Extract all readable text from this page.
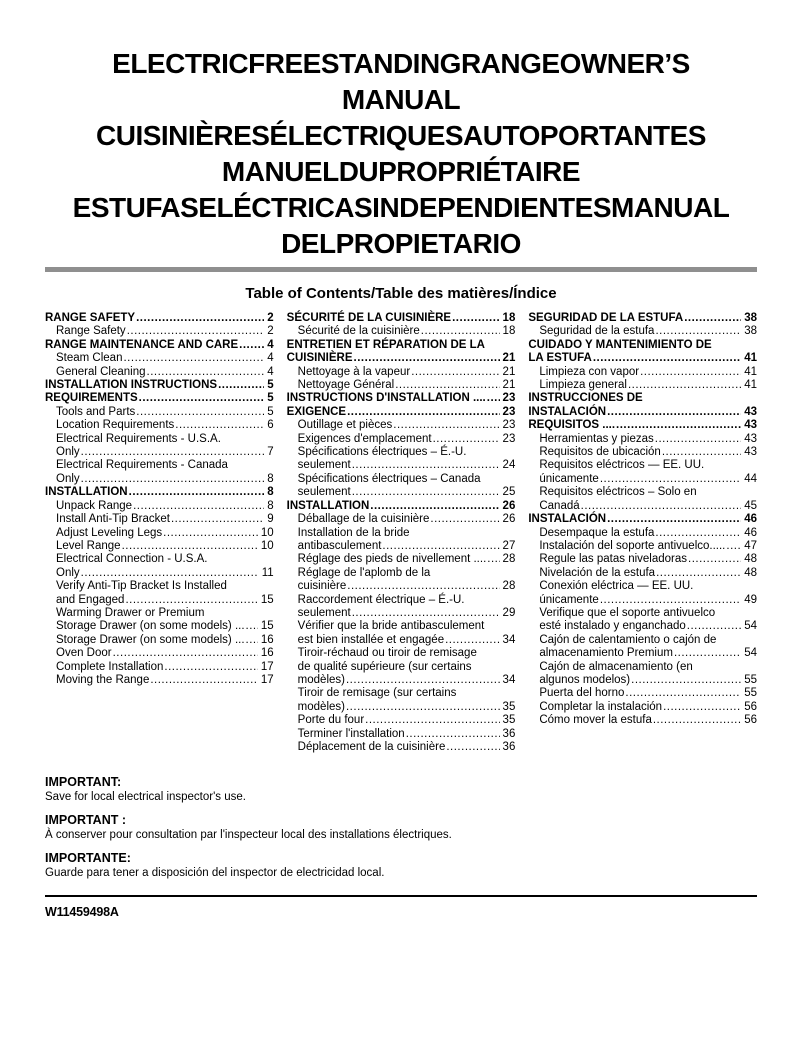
ELECTRICFREESTANDINGRANGEOWNER’S
MANUAL
CUISINIÈRESÉLECTRIQUESAUTOPORTANTES
MANUELDUPROPRIÉTAIRE
ESTUFASELÉCTRICASINDEPENDIENTESMANUAL
DELPROPIETARIO
Table of Contents/Table des matières/Índice
RANGE SAFETY .....	2
Range Safety .....	2
RANGE MAINTENANCE AND CARE .....	4
Steam Clean .....	4
General Cleaning .....	4
INSTALLATION INSTRUCTIONS .....	5
REQUIREMENTS .....	5
Tools and Parts .....	5
Location Requirements .....	6
Electrical Requirements - U.S.A.
Only .....	7
Electrical Requirements - Canada
Only .....	8
INSTALLATION .....	8
Unpack Range .....	8
Install Anti-Tip Bracket .....	9
Adjust Leveling Legs .....	10
Level Range .....	10
Electrical Connection - U.S.A.
Only .....	11
Verify Anti-Tip Bracket Is Installed
and Engaged .....	15
Warming Drawer or Premium
Storage Drawer (on some models) ... ..... 15
Storage Drawer (on some models) ... ..... 16
Oven Door .....	16
Complete Installation .....	17
Moving the Range .....	17
SÉCURITÉ DE LA CUISINIÈRE .....	18
Sécurité de la cuisinière .....	18
ENTRETIEN ET RÉPARATION DE LA
CUISINIÈRE .....	21
Nettoyage à la vapeur .....	21
Nettoyage Général .....	21
INSTRUCTIONS D'INSTALLATION .... ..... 23
EXIGENCE .....	23
Outillage et pièces .....	23
Exigences d'emplacement .....	23
Spécifications électriques – É.-U.
seulement .....	24
Spécifications électriques – Canada
seulement .....	25
INSTALLATION .....	26
Déballage de la cuisinière .....	26
Installation de la bride
antibasculement .....	27
Réglage des pieds de nivellement .... ..... 28
Réglage de l'aplomb de la
cuisinière .....	28
Raccordement électrique – É.-U.
seulement .....	29
Vérifier que la bride antibasculement
est bien installée et engagée .....	34
Tiroir-réchaud ou tiroir de remisage
de qualité supérieure (sur certains
modèles) .....	34
Tiroir de remisage (sur certains
modèles) .....	35
Porte du four .....	35
Terminer l'installation .....	36
Déplacement de la cuisinière .....	36
SEGURIDAD DE LA ESTUFA .....	38
Seguridad de la estufa .....	38
CUIDADO Y MANTENIMIENTO DE
LA ESTUFA .....	41
Limpieza con vapor .....	41
Limpieza general .....	41
INSTRUCCIONES DE
INSTALACIÓN .....	43
REQUISITOS .... .....	43
Herramientas y piezas .....	43
Requisitos de ubicación .....	43
Requisitos eléctricos — EE. UU.
únicamente .....	44
Requisitos eléctricos – Solo en
Canadá .....	45
INSTALACIÓN .....	46
Desempaque la estufa .....	46
Instalación del soporte antivuelco..... ..... 47
Regule las patas niveladoras .....	48
Nivelación de la estufa .....	48
Conexión eléctrica — EE. UU.
únicamente .....	49
Verifique que el soporte antivuelco
esté instalado y enganchado .....	54
Cajón de calentamiento o cajón de
almacenamiento Premium .....	54
Cajón de almacenamiento (en
algunos modelos) .....	55
Puerta del horno .....	55
Completar la instalación .....	56
Cómo mover la estufa .....	56
IMPORTANT:
Save for local electrical inspector's use.
IMPORTANT :
À conserver pour consultation par l'inspecteur local des installations électriques.
IMPORTANTE:
Guarde para tener a disposición del inspector de electricidad local.
W11459498A
